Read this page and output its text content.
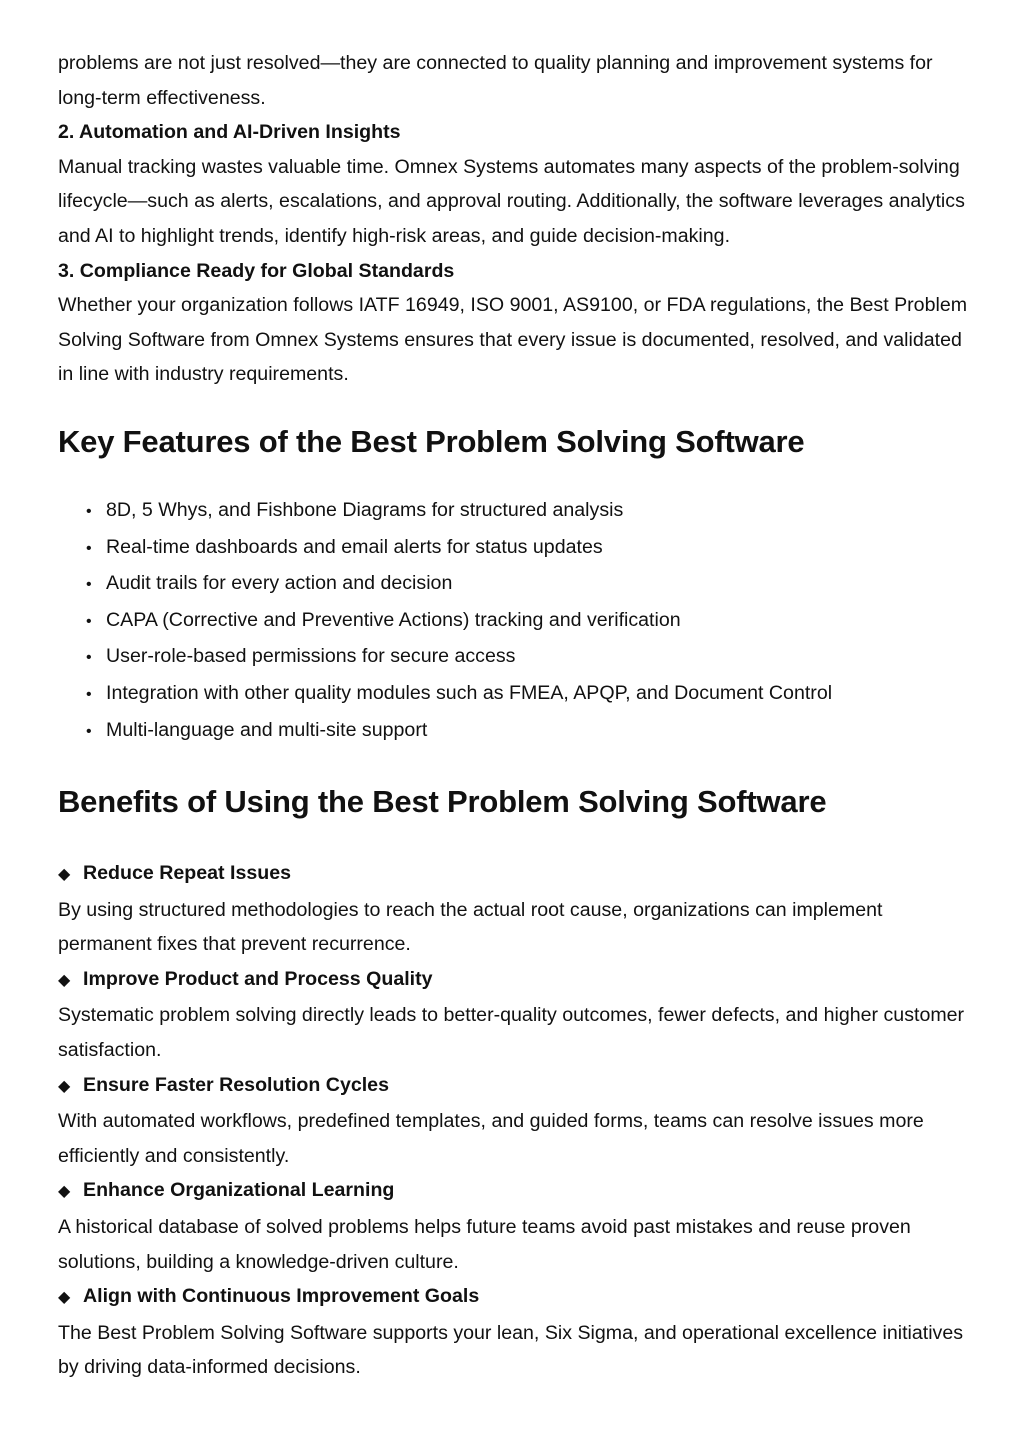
problems are not just resolved—they are connected to quality planning and improvement systems for long-term effectiveness.

2. Automation and AI-Driven Insights

Manual tracking wastes valuable time. Omnex Systems automates many aspects of the problem-solving lifecycle—such as alerts, escalations, and approval routing. Additionally, the software leverages analytics and AI to highlight trends, identify high-risk areas, and guide decision-making.

3. Compliance Ready for Global Standards

Whether your organization follows IATF 16949, ISO 9001, AS9100, or FDA regulations, the Best Problem Solving Software from Omnex Systems ensures that every issue is documented, resolved, and validated in line with industry requirements.

Key Features of the Best Problem Solving Software
• 8D, 5 Whys, and Fishbone Diagrams for structured analysis
• Real-time dashboards and email alerts for status updates
• Audit trails for every action and decision
• CAPA (Corrective and Preventive Actions) tracking and verification
• User-role-based permissions for secure access
• Integration with other quality modules such as FMEA, APQP, and Document Control
• Multi-language and multi-site support
Benefits of Using the Best Problem Solving Software

◆ Reduce Repeat Issues

By using structured methodologies to reach the actual root cause, organizations can implement permanent fixes that prevent recurrence.

◆ Improve Product and Process Quality

Systematic problem solving directly leads to better-quality outcomes, fewer defects, and higher customer satisfaction.

◆ Ensure Faster Resolution Cycles

With automated workflows, predefined templates, and guided forms, teams can resolve issues more efficiently and consistently.

◆ Enhance Organizational Learning

A historical database of solved problems helps future teams avoid past mistakes and reuse proven solutions, building a knowledge-driven culture.

◆ Align with Continuous Improvement Goals

The Best Problem Solving Software supports your lean, Six Sigma, and operational excellence initiatives by driving data-informed decisions.
